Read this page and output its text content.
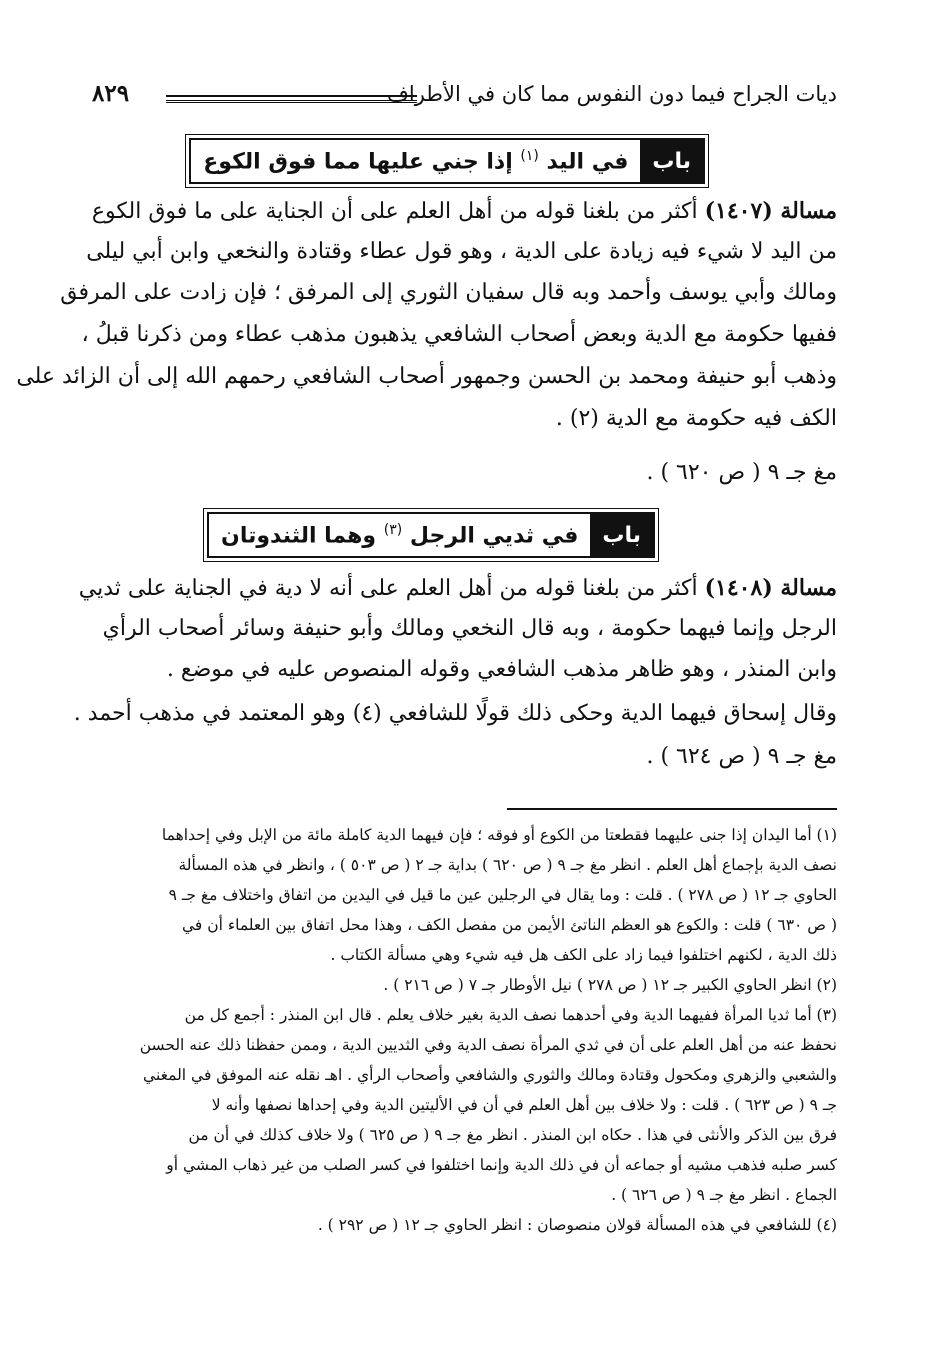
ديات الجراح فيما دون النفوس مما كان في الأطراف
٨٢٩
باب
في اليد $^{(١)}$ إذا جني عليها مما فوق الكوع
مسالة (١٤٠٧) أكثر من بلغنا قوله من أهل العلم على أن الجناية على ما فوق الكوع
من اليد لا شيء فيه زيادة على الدية ، وهو قول عطاء وقتادة والنخعي وابن أبي ليلى
ومالك وأبي يوسف وأحمد وبه قال سفيان الثوري إلى المرفق ؛ فإن زادت على المرفق
ففيها حكومة مع الدية وبعض أصحاب الشافعي يذهبون مذهب عطاء ومن ذكرنا قبلُ ،
وذهب أبو حنيفة ومحمد بن الحسن وجمهور أصحاب الشافعي رحمهم الله إلى أن الزائد على
الكف فيه حكومة مع الدية (٢) .
مغ جـ ٩ ( ص ٦٢٠ ) .
باب
في ثديي الرجل $^{(٣)}$ وهما الثندوتان
مسالة (١٤٠٨) أكثر من بلغنا قوله من أهل العلم على أنه لا دية في الجناية على ثديي
الرجل وإنما فيهما حكومة ، وبه قال النخعي ومالك وأبو حنيفة وسائر أصحاب الرأي
وابن المنذر ، وهو ظاهر مذهب الشافعي وقوله المنصوص عليه في موضع .
وقال إسحاق فيهما الدية وحكى ذلك قولًا للشافعي (٤) وهو المعتمد في مذهب أحمد .
مغ جـ ٩ ( ص ٦٢٤ ) .
(١) أما اليدان إذا جنى عليهما فقطعتا من الكوع أو فوقه ؛ فإن فيهما الدية كاملة مائة من الإبل وفي إحداهما
نصف الدية بإجماع أهل العلم . انظر مغ جـ ٩ ( ص ٦٢٠ ) بداية جـ ٢ ( ص ٥٠٣ ) ، وانظر في هذه المسألة
الحاوي جـ ١٢ ( ص ٢٧٨ ) . قلت : وما يقال في الرجلين عين ما قيل في اليدين من اتفاق واختلاف مغ جـ ٩
( ص ٦٣٠ ) قلت : والكوع هو العظم الناتئ الأيمن من مفصل الكف ، وهذا محل اتفاق بين العلماء أن في
ذلك الدية ، لكنهم اختلفوا فيما زاد على الكف هل فيه شيء وهي مسألة الكتاب .
(٢) انظر الحاوي الكبير جـ ١٢ ( ص ٢٧٨ ) نيل الأوطار جـ ٧ ( ص ٢١٦ ) .
(٣) أما ثديا المرأة ففيهما الدية وفي أحدهما نصف الدية بغير خلاف يعلم . قال ابن المنذر : أجمع كل من
نحفظ عنه من أهل العلم على أن في ثدي المرأة نصف الدية وفي الثديين الدية ، وممن حفظنا ذلك عنه الحسن
والشعبي والزهري ومكحول وقتادة ومالك والثوري والشافعي وأصحاب الرأي . اهـ نقله عنه الموفق في المغني
جـ ٩ ( ص ٦٢٣ ) . قلت : ولا خلاف بين أهل العلم في أن في الأليتين الدية وفي إحداها نصفها وأنه لا
فرق بين الذكر والأنثى في هذا . حكاه ابن المنذر . انظر مغ جـ ٩ ( ص ٦٢٥ ) ولا خلاف كذلك في أن من
كسر صلبه فذهب مشيه أو جماعه أن في ذلك الدية وإنما اختلفوا في كسر الصلب من غير ذهاب المشي أو
الجماع . انظر مغ جـ ٩ ( ص ٦٢٦ ) .
(٤) للشافعي في هذه المسألة قولان منصوصان : انظر الحاوي جـ ١٢ ( ص ٢٩٢ ) .
